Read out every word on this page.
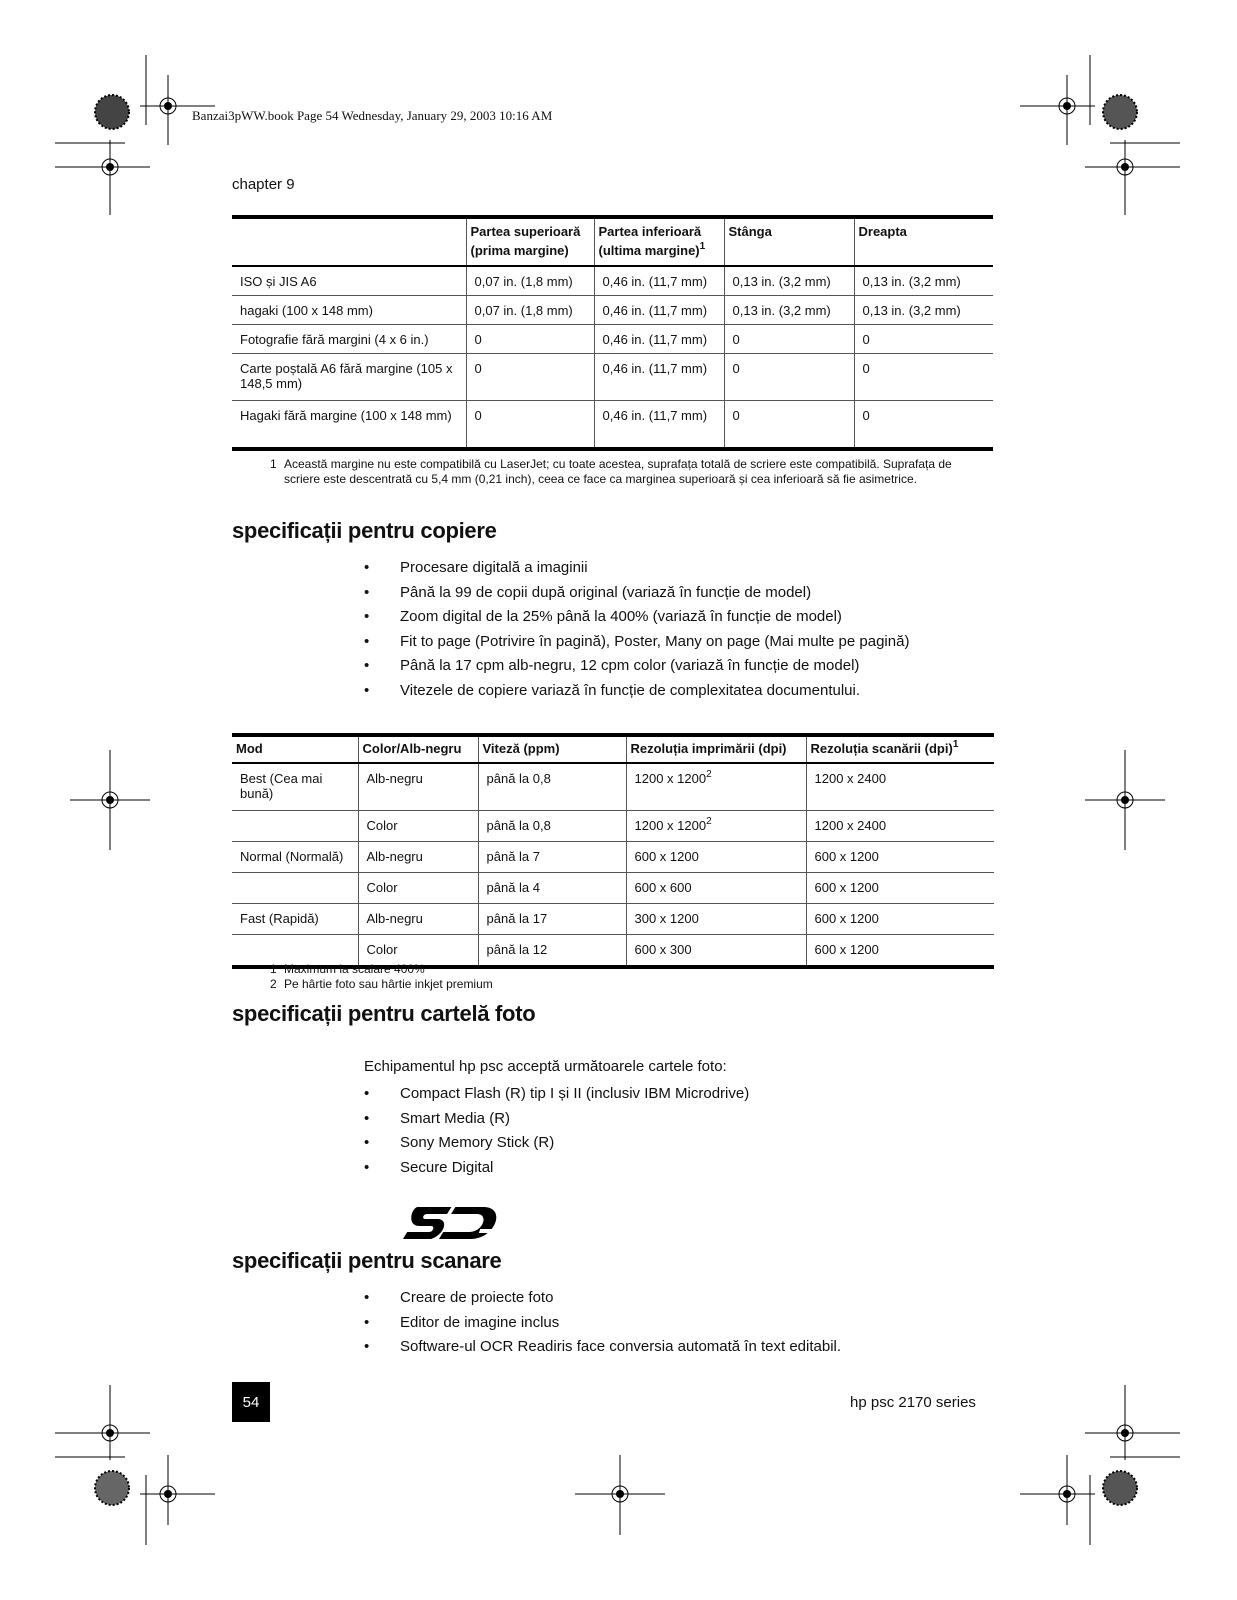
Banzai3pWW.book Page 54 Wednesday, January 29, 2003 10:16 AM
chapter 9
	Partea superioară (prima margine)	Partea inferioară (ultima margine)$^1$	Stânga	Dreapta
ISO și JIS A6	0,07 in. (1,8 mm)	0,46 in. (11,7 mm)	0,13 in. (3,2 mm)	0,13 in. (3,2 mm)
hagaki (100 x 148 mm)	0,07 in. (1,8 mm)	0,46 in. (11,7 mm)	0,13 in. (3,2 mm)	0,13 in. (3,2 mm)
Fotografie fără margini (4 x 6 in.)	0	0,46 in. (11,7 mm)	0	0
Carte poștală A6 fără margine (105 x 148,5 mm)	0	0,46 in. (11,7 mm)	0	0
Hagaki fără margine (100 x 148 mm)	0	0,46 in. (11,7 mm)	0	0
1 Această margine nu este compatibilă cu LaserJet; cu toate acestea, suprafața totală de scriere este compatibilă. Suprafața de scriere este descentrată cu 5,4 mm (0,21 inch), ceea ce face ca marginea superioară și cea inferioară să fie asimetrice.
specificații pentru copiere
•	Procesare digitală a imaginii
•	Până la 99 de copii după original (variază în funcție de model)
•	Zoom digital de la 25% până la 400% (variază în funcție de model)
•	Fit to page (Potrivire în pagină), Poster, Many on page (Mai multe pe pagină)
•	Până la 17 cpm alb-negru, 12 cpm color (variază în funcție de model)
•	Vitezele de copiere variază în funcție de complexitatea documentului.
Mod	Color/Alb-negru	Viteză (ppm)	Rezoluția imprimării (dpi)	Rezoluția scanării (dpi)$^1$
Best (Cea mai bună)	Alb-negru	până la 0,8	1200 x 1200$^2$	1200 x 2400
	Color	până la 0,8	1200 x 1200$^2$	1200 x 2400
Normal (Normală)	Alb-negru	până la 7	600 x 1200	600 x 1200
	Color	până la 4	600 x 600	600 x 1200
Fast (Rapidă)	Alb-negru	până la 17	300 x 1200	600 x 1200
	Color	până la 12	600 x 300	600 x 1200
1 Maximum la scalare 400%
2 Pe hârtie foto sau hârtie inkjet premium
specificații pentru cartelă foto
Echipamentul hp psc acceptă următoarele cartele foto:
•	Compact Flash (R) tip I și II (inclusiv IBM Microdrive)
•	Smart Media (R)
•	Sony Memory Stick (R)
•	Secure Digital
specificații pentru scanare
•	Creare de proiecte foto
•	Editor de imagine inclus
•	Software-ul OCR Readiris face conversia automată în text editabil.
54	hp psc 2170 series
